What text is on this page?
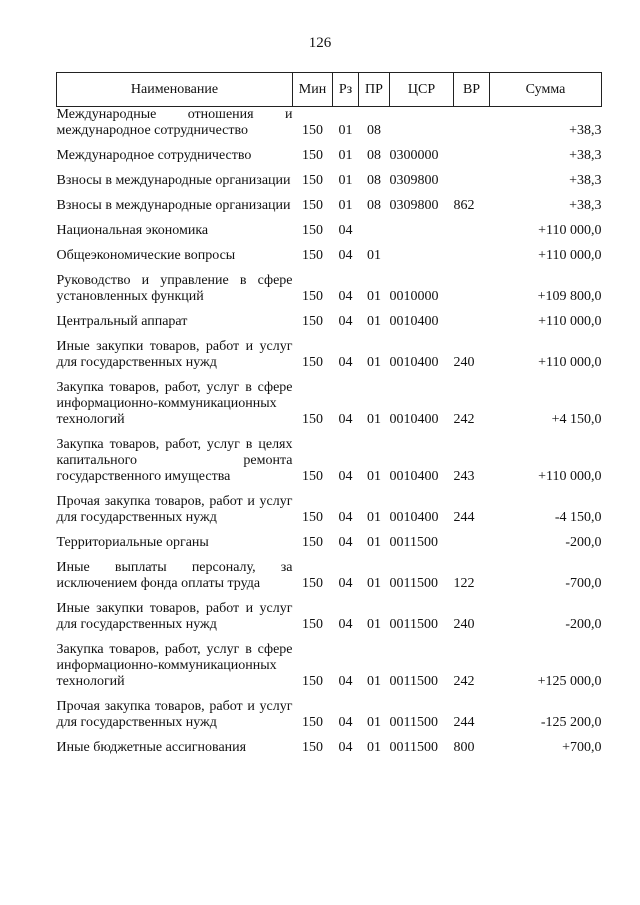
126
Наименование	Мин	Рз	ПР	ЦСР	ВР	Сумма
Международные отношения и международное сотрудничество	150	01	08			+38,3

Международное сотрудничество	150	01	08	0300000		+38,3

Взносы в международные организации	150	01	08	0309800		+38,3

Взносы в международные организации	150	01	08	0309800	862	+38,3

Национальная экономика	150	04				+110 000,0

Общеэкономические вопросы	150	04	01			+110 000,0

Руководство и управление в сфере установленных функций	150	04	01	0010000		+109 800,0

Центральный аппарат	150	04	01	0010400		+110 000,0

Иные закупки товаров, работ и услуг для государственных нужд	150	04	01	0010400	240	+110 000,0

Закупка товаров, работ, услуг в сфере информационно-коммуникационных технологий	150	04	01	0010400	242	+4 150,0

Закупка товаров, работ, услуг в целях капитального ремонта государственного имущества	150	04	01	0010400	243	+110 000,0

Прочая закупка товаров, работ и услуг для государственных нужд	150	04	01	0010400	244	-4 150,0

Территориальные органы	150	04	01	0011500		-200,0

Иные выплаты персоналу, за исключением фонда оплаты труда	150	04	01	0011500	122	-700,0

Иные закупки товаров, работ и услуг для государственных нужд	150	04	01	0011500	240	-200,0

Закупка товаров, работ, услуг в сфере информационно-коммуникационных технологий	150	04	01	0011500	242	+125 000,0

Прочая закупка товаров, работ и услуг для государственных нужд	150	04	01	0011500	244	-125 200,0

Иные бюджетные ассигнования	150	04	01	0011500	800	+700,0
